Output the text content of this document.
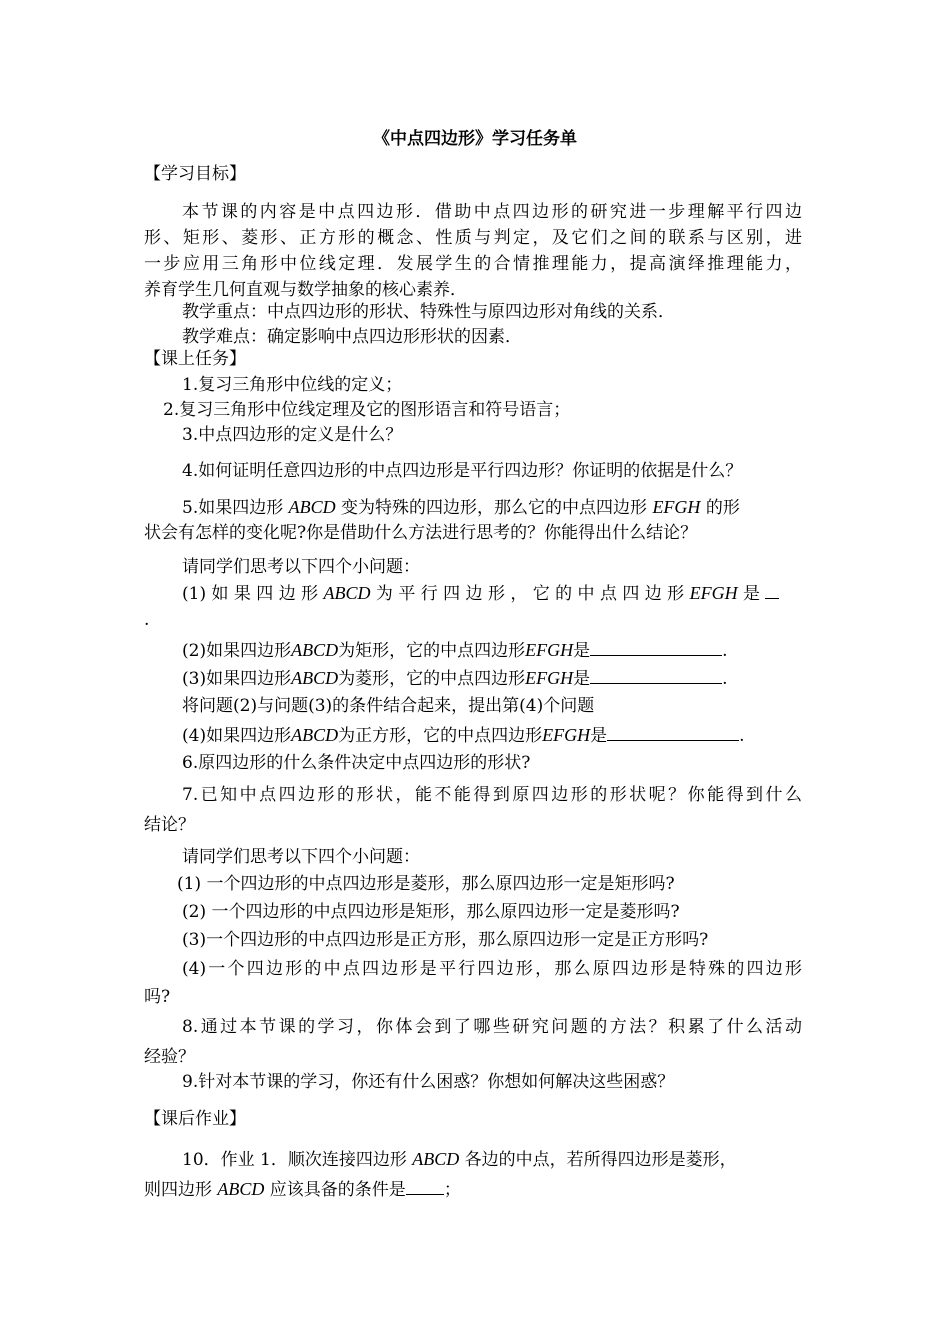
《中点四边形》学习任务单
【学习目标】
本节课的内容是中点四边形．借助中点四边形的研究进一步理解平行四边
形、矩形、菱形、正方形的概念、性质与判定，及它们之间的联系与区别，进
一步应用三角形中位线定理．发展学生的合情推理能力，提高演绎推理能力，
养育学生几何直观与数学抽象的核心素养．
教学重点：中点四边形的形状、特殊性与原四边形对角线的关系．
教学难点：确定影响中点四边形形状的因素．
【课上任务】
1.复习三角形中位线的定义；
2.复习三角形中位线定理及它的图形语言和符号语言；
3.中点四边形的定义是什么？
4.如何证明任意四边形的中点四边形是平行四边形？你证明的依据是什么？
5.如果四边形 ABCD 变为特殊的四边形，那么它的中点四边形 EFGH 的形
状会有怎样的变化呢?你是借助什么方法进行思考的？你能得出什么结论？
请同学们思考以下四个小问题：
(1) 如 果 四 边 形 ABCD 为 平 行 四 边 形 ， 它 的 中 点 四 边 形 EFGH 是
.
(2)如果四边形ABCD为矩形，它的中点四边形EFGH是	.
(3)如果四边形ABCD为菱形，它的中点四边形EFGH是	.
将问题(2)与问题(3)的条件结合起来，提出第(4)个问题
(4)如果四边形ABCD为正方形，它的中点四边形EFGH是	.
6.原四边形的什么条件决定中点四边形的形状?
7.已知中点四边形的形状，能不能得到原四边形的形状呢？你能得到什么
结论？
请同学们思考以下四个小问题：
(1) 一个四边形的中点四边形是菱形，那么原四边形一定是矩形吗?
(2) 一个四边形的中点四边形是矩形，那么原四边形一定是菱形吗?
(3)一个四边形的中点四边形是正方形，那么原四边形一定是正方形吗?
(4)一个四边形的中点四边形是平行四边形，那么原四边形是特殊的四边形
吗?
8.通过本节课的学习，你体会到了哪些研究问题的方法？积累了什么活动
经验？
9.针对本节课的学习，你还有什么困惑？你想如何解决这些困惑？
【课后作业】
10．作业 1．顺次连接四边形 ABCD 各边的中点，若所得四边形是菱形，
则四边形 ABCD 应该具备的条件是 ；
